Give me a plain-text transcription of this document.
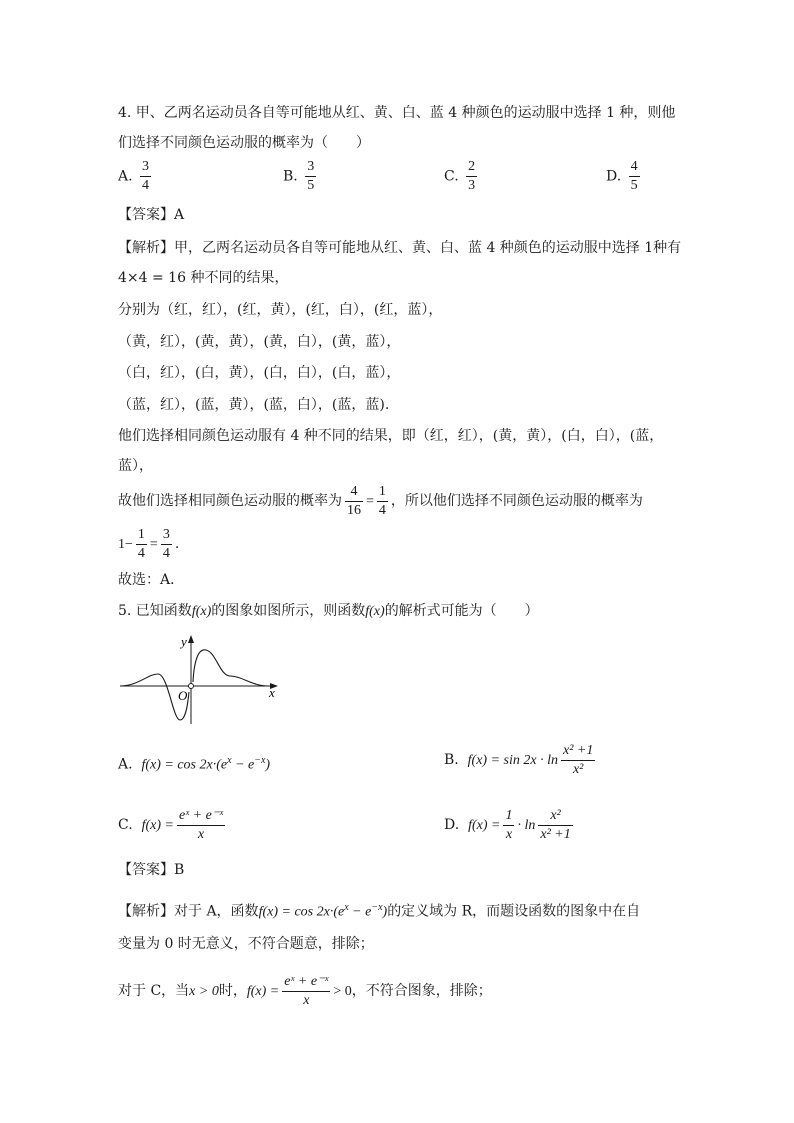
4. 甲、乙两名运动员各自等可能地从红、黄、白、蓝 4 种颜色的运动服中选择 1 种，则他
们选择不同颜色运动服的概率为（　　）
A. $\frac{3}{4}$	B. $\frac{3}{5}$	C. $\frac{2}{3}$	D. $\frac{4}{5}$
【答案】A
【解析】甲，乙两名运动员各自等可能地从红、黄、白、蓝 4 种颜色的运动服中选择 1种有
4×4 = 16 种不同的结果，
分别为（红，红），(红，黄），(红，白），(红，蓝），
（黄，红），(黄，黄），(黄，白），(黄，蓝），
（白，红），(白，黄），(白，白），(白，蓝），
（蓝，红），(蓝，黄），(蓝，白），(蓝，蓝).
他们选择相同颜色运动服有 4 种不同的结果，即（红，红），(黄，黄），(白，白），(蓝，
蓝），
故他们选择相同颜色运动服的概率为 $\frac{4}{16} = \frac{1}{4}$ ，所以他们选择不同颜色运动服的概率为
$1- \frac{1}{4} = \frac{3}{4}$ .
故选：A．
5. 已知函数f(x)的图象如图所示，则函数f(x)的解析式可能为（　　）
y
x
O
A. $f(x) = \cos 2x\cdot(e^x - e^{-x})$	B. $f(x) = \sin 2x \cdot \ln \frac{\text{x² +1}}{\text{x²}}$
C. $f(x) = \frac{\text{eˣ + e⁻ˣ}}{x}$	D. $f(x) = \frac{1}{x} \cdot \ln \frac{\text{x²}}{\text{x² +1}}$
【答案】B
【解析】对于 A，函数$f(x) = \cos 2x\cdot(e^x - e^{-x})$的定义域为 R，而题设函数的图象中在自
变量为 0 时无意义，不符合题意，排除；
对于 C，当x > 0时，$f(x) = \frac{\text{eˣ + e⁻ˣ}}{x} > 0$，不符合图象，排除；
